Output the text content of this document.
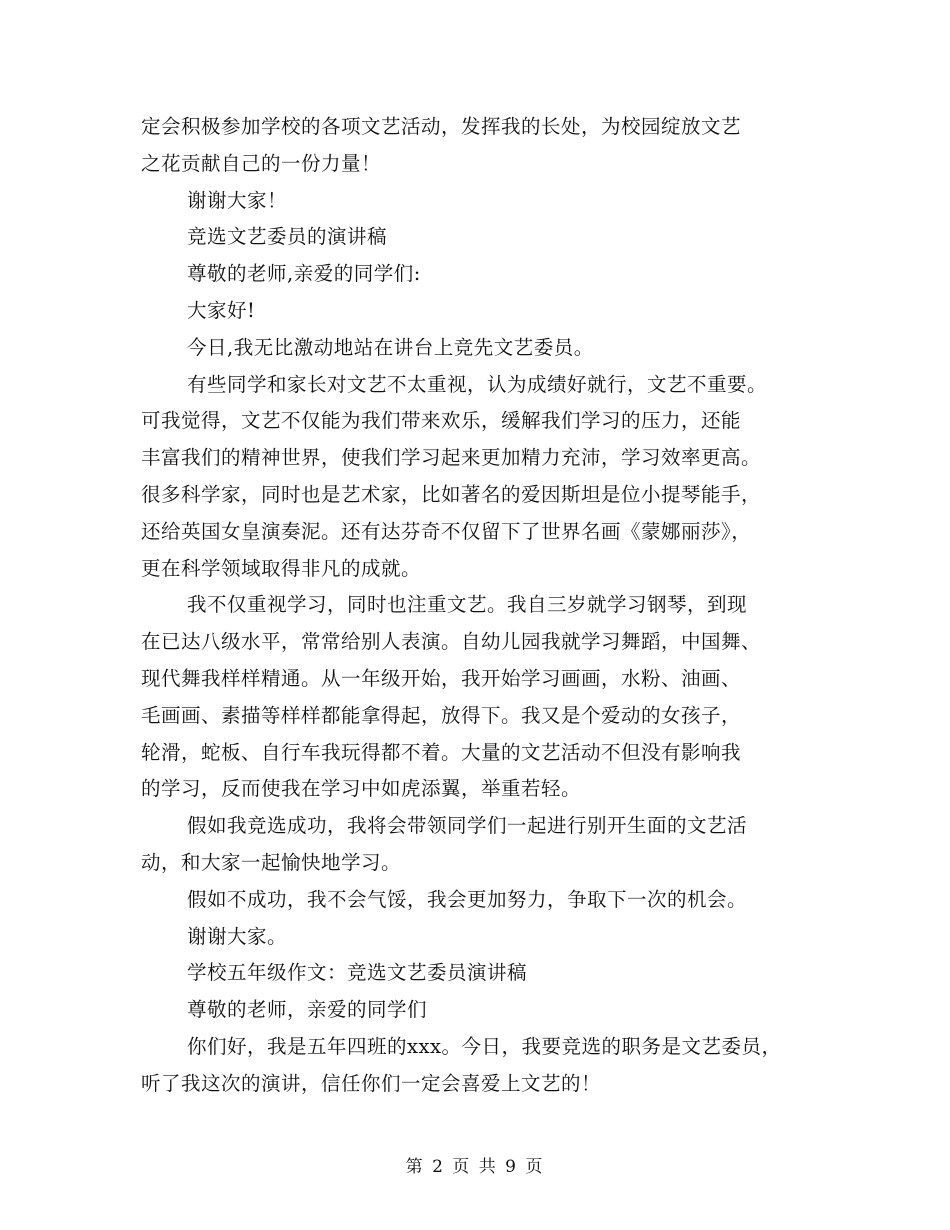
定会积极参加学校的各项文艺活动，发挥我的长处，为校园绽放文艺
之花贡献自己的一份力量！
谢谢大家！
竞选文艺委员的演讲稿
尊敬的老师,亲爱的同学们:
大家好!
今日,我无比激动地站在讲台上竞先文艺委员。
有些同学和家长对文艺不太重视，认为成绩好就行，文艺不重要。
可我觉得，文艺不仅能为我们带来欢乐，缓解我们学习的压力，还能
丰富我们的精神世界，使我们学习起来更加精力充沛，学习效率更高。
很多科学家，同时也是艺术家，比如著名的爱因斯坦是位小提琴能手，
还给英国女皇演奏泥。还有达芬奇不仅留下了世界名画《蒙娜丽莎》，
更在科学领域取得非凡的成就。
我不仅重视学习，同时也注重文艺。我自三岁就学习钢琴，到现
在已达八级水平，常常给别人表演。自幼儿园我就学习舞蹈，中国舞、
现代舞我样样精通。从一年级开始，我开始学习画画，水粉、油画、
毛画画、素描等样样都能拿得起，放得下。我又是个爱动的女孩子，
轮滑，蛇板、自行车我玩得都不着。大量的文艺活动不但没有影响我
的学习，反而使我在学习中如虎添翼，举重若轻。
假如我竞选成功，我将会带领同学们一起进行别开生面的文艺活
动，和大家一起愉快地学习。
假如不成功，我不会气馁，我会更加努力，争取下一次的机会。
谢谢大家。
学校五年级作文：竞选文艺委员演讲稿
尊敬的老师，亲爱的同学们
你们好，我是五年四班的xxx。今日，我要竞选的职务是文艺委员，
听了我这次的演讲，信任你们一定会喜爱上文艺的！
第 2 页 共 9 页
